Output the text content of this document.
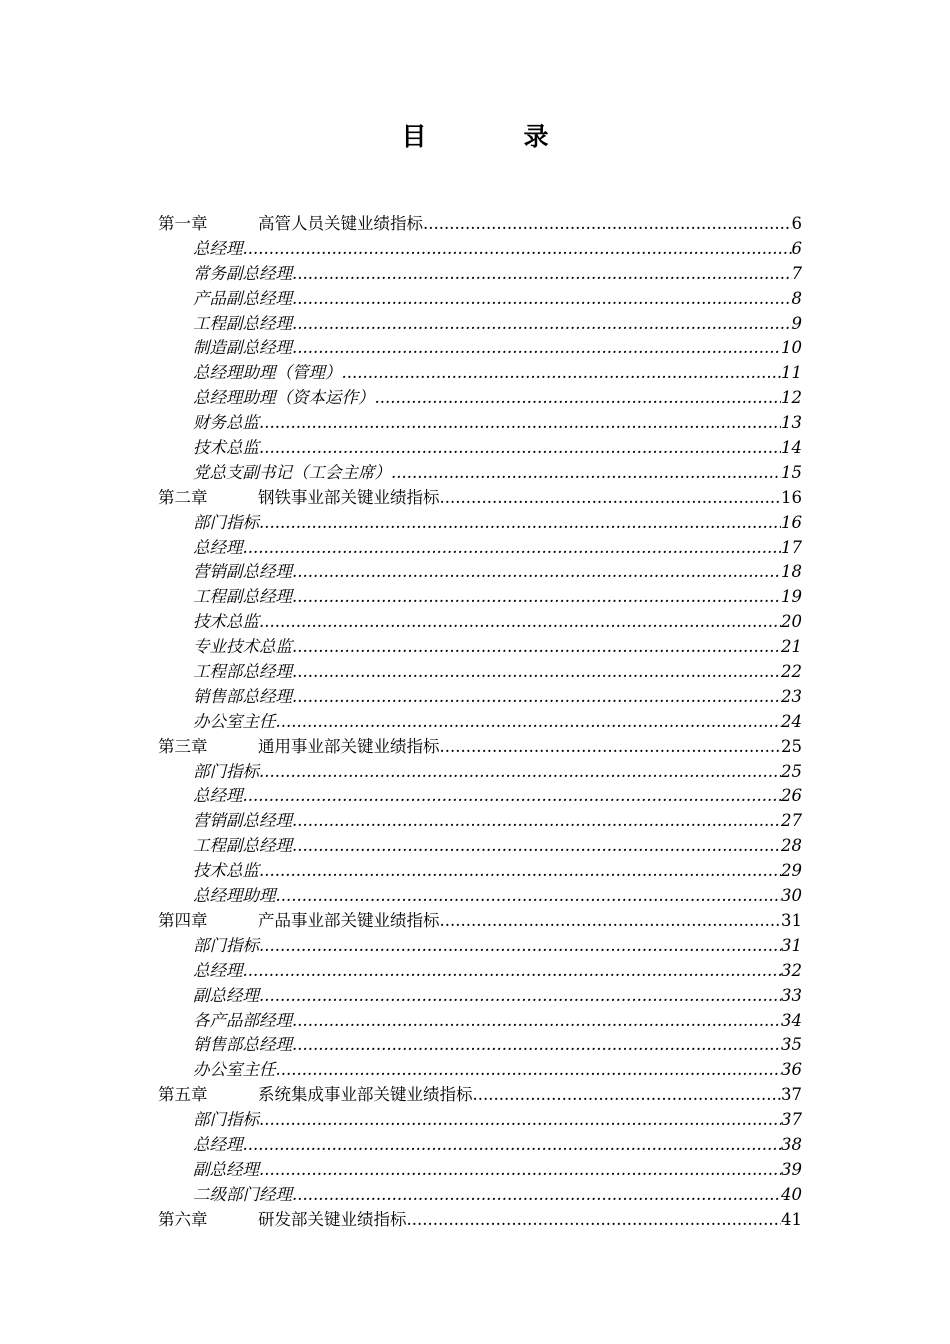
目　录
第一章	高管人员关键业绩指标 .....	6
总经理 .....	6
常务副总经理 .....	7
产品副总经理 .....	8
工程副总经理 .....	9
制造副总经理 .....	10
总经理助理（管理） .....	11
总经理助理（资本运作） .....	12
财务总监 .....	13
技术总监 .....	14
党总支副书记（工会主席） .....	15
第二章	钢铁事业部关键业绩指标 .....	16
部门指标 .....	16
总经理 .....	17
营销副总经理 .....	18
工程副总经理 .....	19
技术总监 .....	20
专业技术总监 .....	21
工程部总经理 .....	22
销售部总经理 .....	23
办公室主任 .....	24
第三章	通用事业部关键业绩指标 .....	25
部门指标 .....	25
总经理 .....	26
营销副总经理 .....	27
工程副总经理 .....	28
技术总监 .....	29
总经理助理 .....	30
第四章	产品事业部关键业绩指标 .....	31
部门指标 .....	31
总经理 .....	32
副总经理 .....	33
各产品部经理 .....	34
销售部总经理 .....	35
办公室主任 .....	36
第五章	系统集成事业部关键业绩指标 .....	37
部门指标 .....	37
总经理 .....	38
副总经理 .....	39
二级部门经理 .....	40
第六章	研发部关键业绩指标 .....	41
